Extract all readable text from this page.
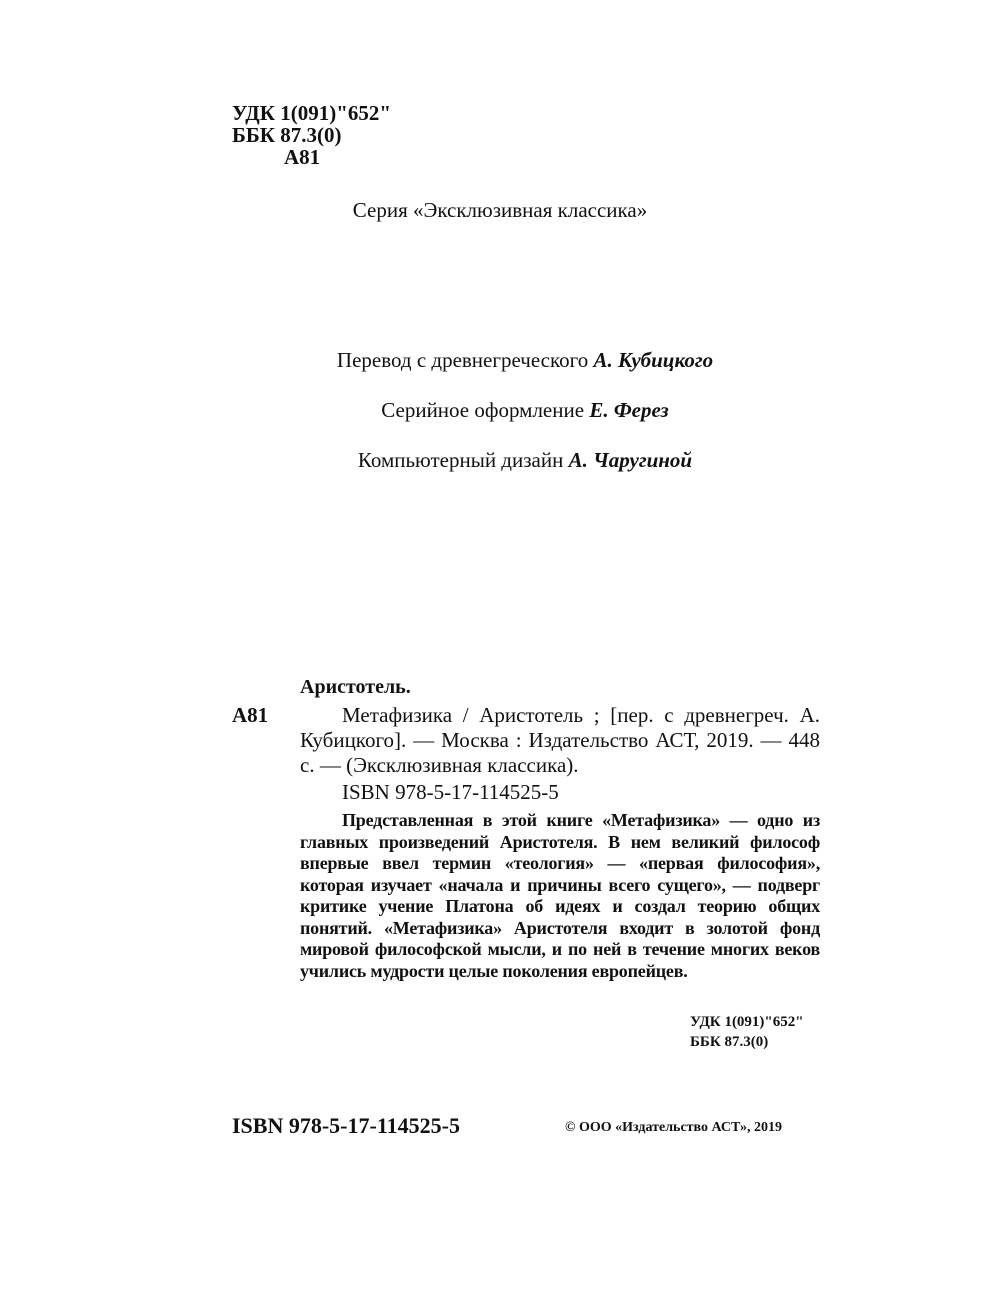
УДК 1(091)"652"
ББК 87.3(0)
А81
Серия «Эксклюзивная классика»
Перевод с древнегреческого А. Кубицкого
Серийное оформление Е. Ферез
Компьютерный дизайн А. Чаругиной
Аристотель.
А81	Метафизика / Аристотель ; [пер. с древнегреч. А. Кубицкого]. — Москва : Издательство АСТ, 2019. — 448 с. — (Эксклюзивная классика).
ISBN 978-5-17-114525-5
Представленная в этой книге «Метафизика» — одно из главных произведений Аристотеля. В нем великий философ впервые ввел термин «теология» — «первая философия», которая изучает «начала и причины всего сущего», — подверг критике учение Платона об идеях и создал теорию общих понятий. «Метафизика» Аристотеля входит в золотой фонд мировой философской мысли, и по ней в течение многих веков учились мудрости целые поколения европейцев.
УДК 1(091)"652"
ББК 87.3(0)
ISBN 978-5-17-114525-5	© ООО «Издательство АСТ», 2019
